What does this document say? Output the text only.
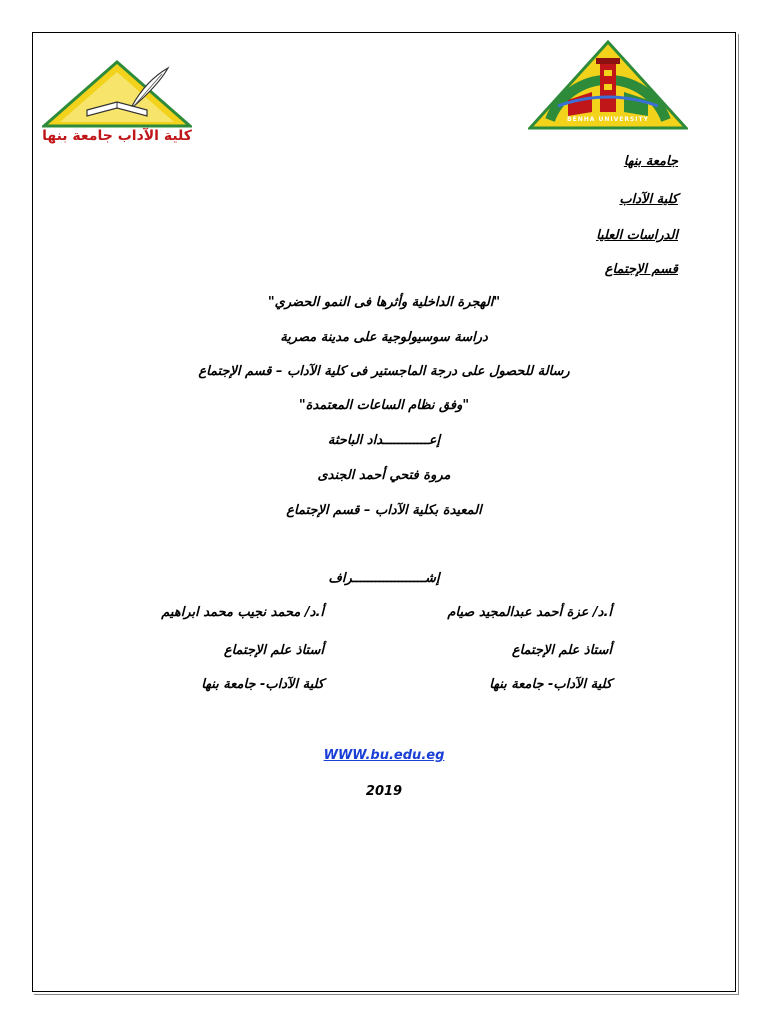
كلية الآداب جامعة بنها
BENHA UNIVERSITY
جامعة بنها
كلية الآداب
الدراسات العليا
قسم الإجتماع
"الهجرة الداخلية وأثرها فى النمو الحضري"
دراسة سوسيولوجية على مدينة مصرية
رسالة للحصول على درجة الماجستير فى كلية الآداب – قسم الإجتماع
"وفق نظام الساعات المعتمدة"
إعــــــــــــداد الباحثة
مروة فتحي أحمد الجندى
المعيدة بكلية الآداب – قسم الإجتماع
إشـــــــــــــــــــراف
أ.د/ عزة أحمد عبدالمجيد صيام
أستاذ علم الإجتماع
كلية الآداب- جامعة بنها
أ.د/ محمد نجيب محمد ابراهيم
أستاذ علم الإجتماع
كلية الآداب- جامعة بنها
WWW.bu.edu.eg
2019
